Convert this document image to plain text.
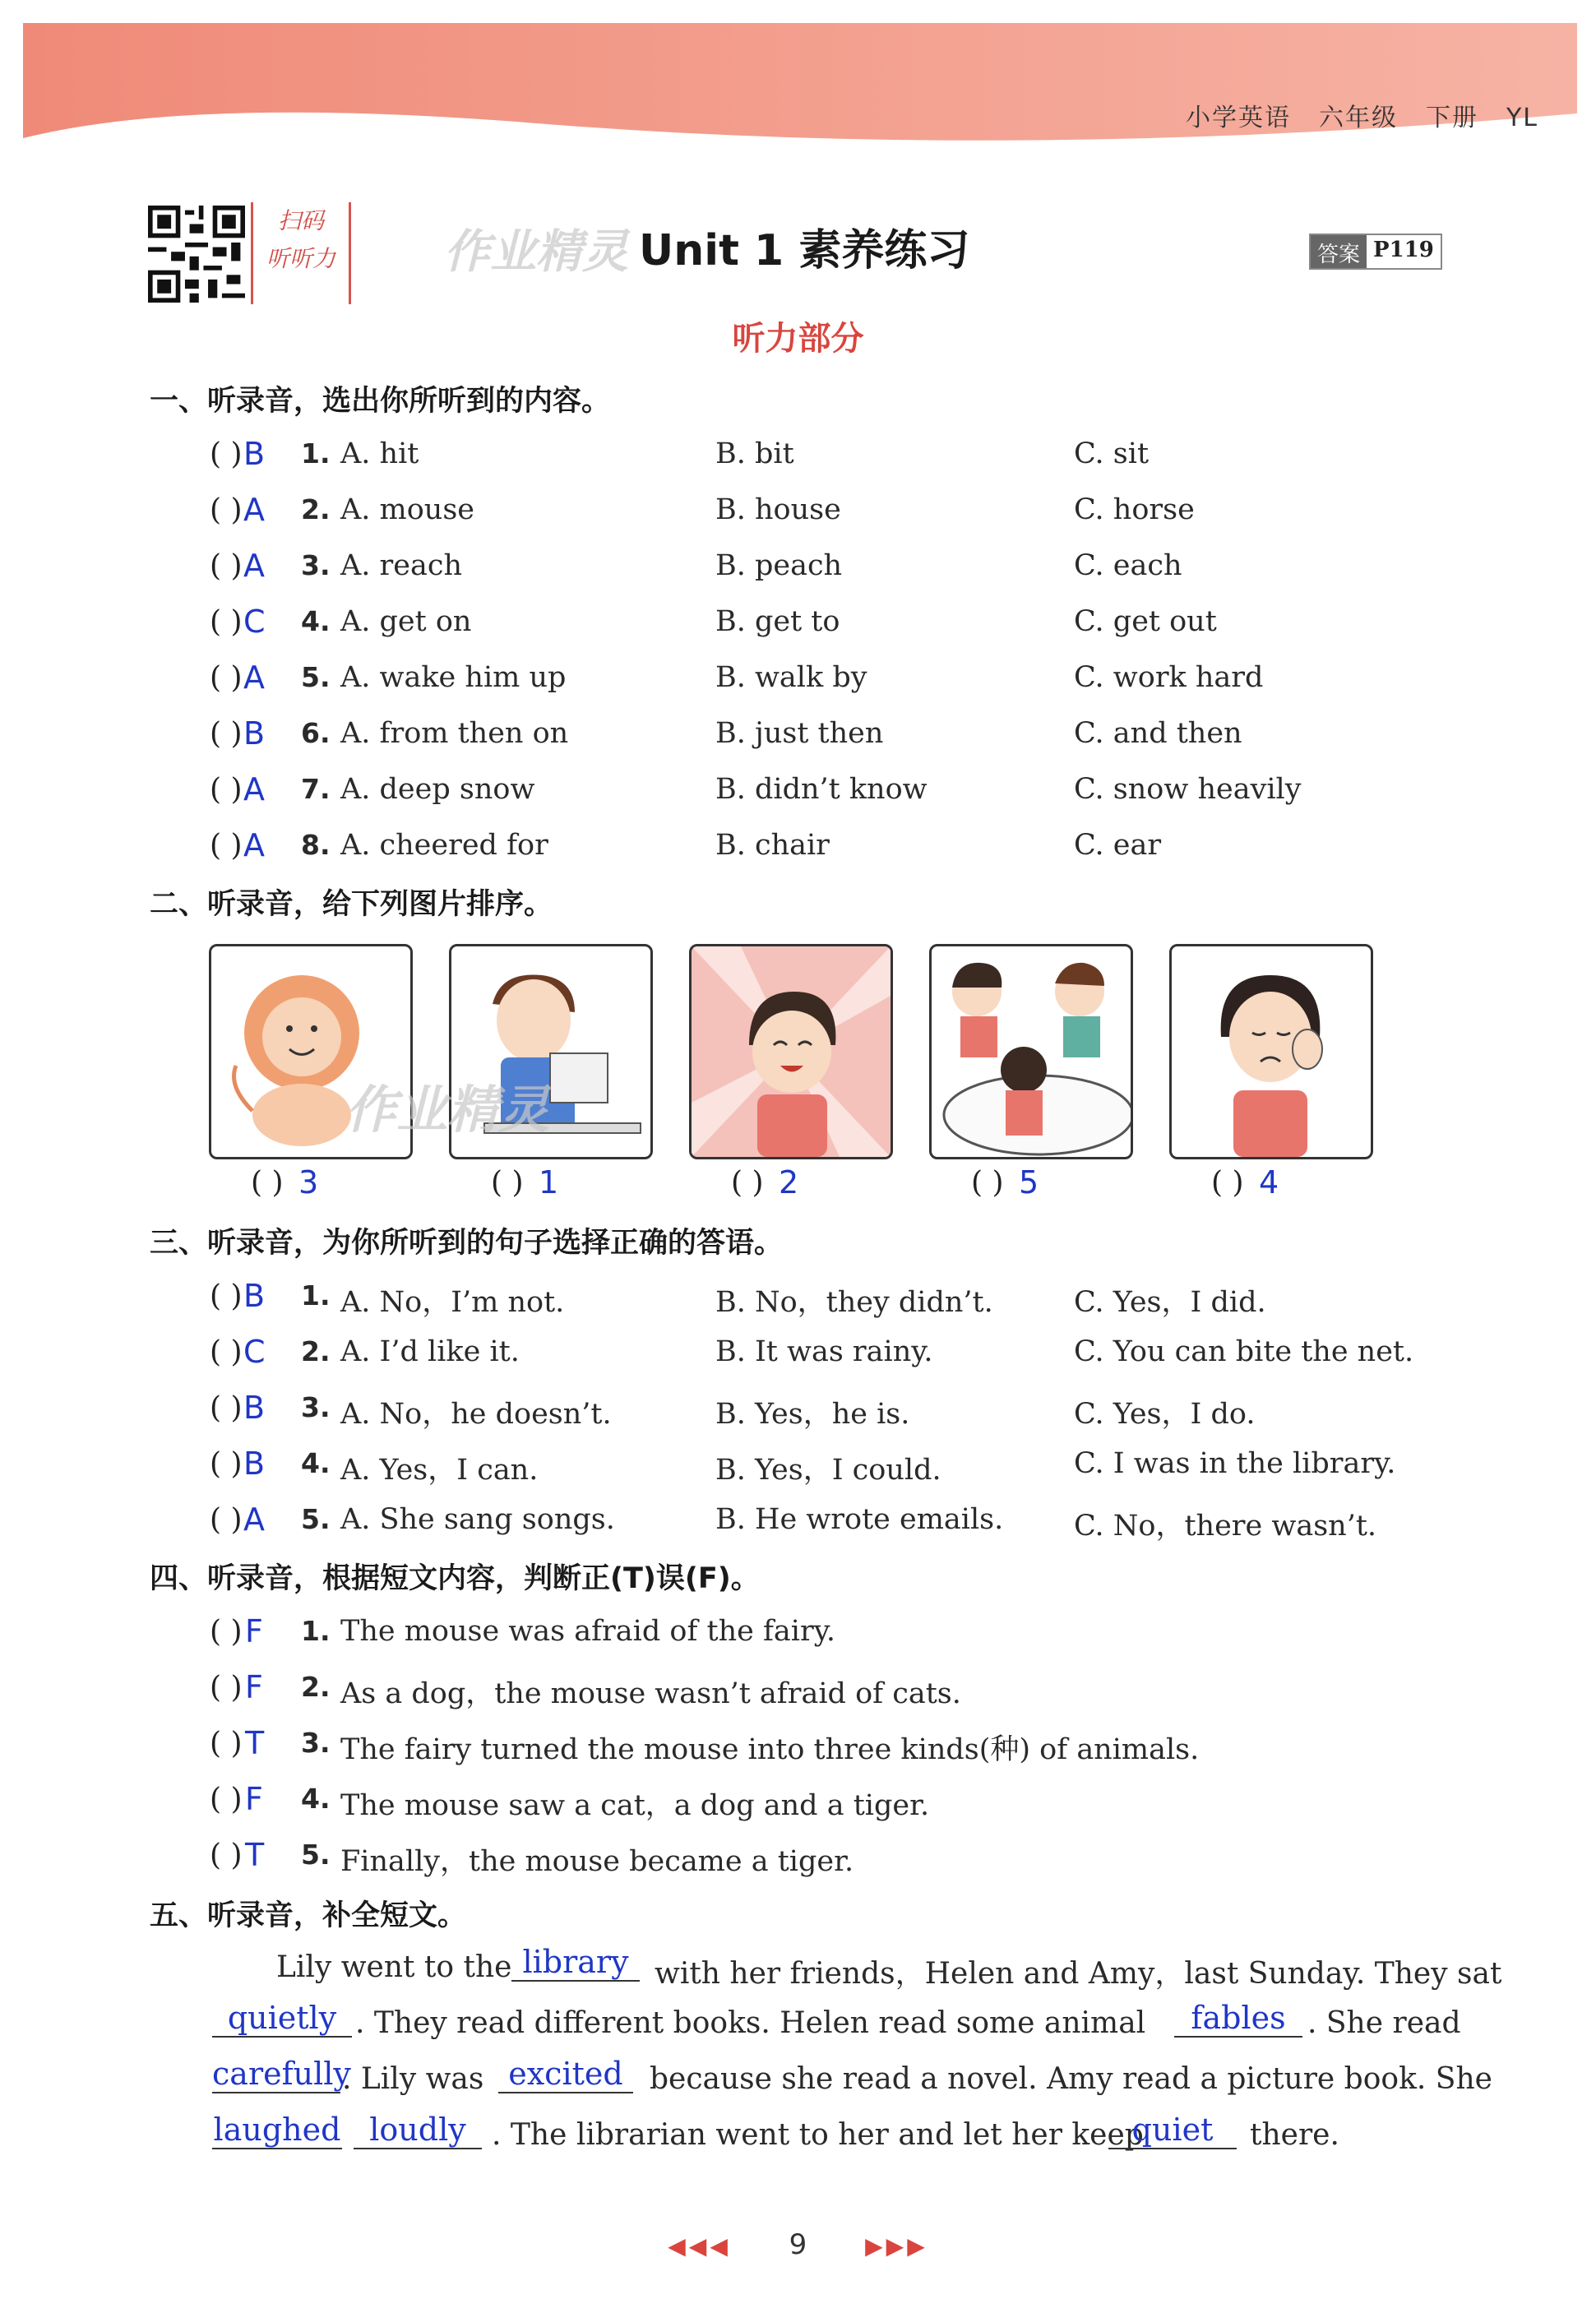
小学英语 六年级 下册 YL
扫码
听听力 作业精灵 Unit 1 素养练习	答案 P119
听力部分
一、听录音，选出你所听到的内容。
( ) B 1. A. hit	B. bit	C. sit
( ) A 2. A. mouse	B. house	C. horse
( ) A 3. A. reach	B. peach	C. each
( ) C 4. A. get on	B. get to	C. get out
( ) A 5. A. wake him up	B. walk by	C. work hard
( ) B 6. A. from then on	B. just then	C. and then
( ) A 7. A. deep snow	B. didn’t know	C. snow heavily
( ) A 8. A. cheered for	B. chair	C. ear
二、听录音，给下列图片排序。
( ) 3	( ) 1	( ) 2	( ) 5	( ) 4
作业精灵
三、听录音，为你所听到的句子选择正确的答语。
( ) B 1. A. No，I’m not.	B. No，they didn’t.	C. Yes，I did.
( ) C 2. A. I’d like it.	B. It was rainy.	C. You can bite the net.
( ) B 3. A. No，he doesn’t.	B. Yes，he is.	C. Yes，I do.
( ) B 4. A. Yes，I can.	B. Yes，I could.	C. I was in the library.
( ) A 5. A. She sang songs.	B. He wrote emails. C. No，there wasn’t.
四、听录音，根据短文内容，判断正(T)误(F)。
( ) F 1. The mouse was afraid of the fairy.
( ) F 2. As a dog，the mouse wasn’t afraid of cats.
( ) T 3. The fairy turned the mouse into three kinds(种) of animals.
( ) F 4. The mouse saw a cat，a dog and a tiger.
( ) T 5. Finally，the mouse became a tiger.
五、听录音，补全短文。
Lily went to the library with her friends，Helen and Amy，last Sunday. They sat
quietly . They read different books. Helen read some animal	fables . She read
carefully
. Lily was excited because she read a novel. Amy read a picture book. She
laughed loudly . The librarian went to her and let her keep
quiet	there.
◀◀◀ 9	▶▶▶
